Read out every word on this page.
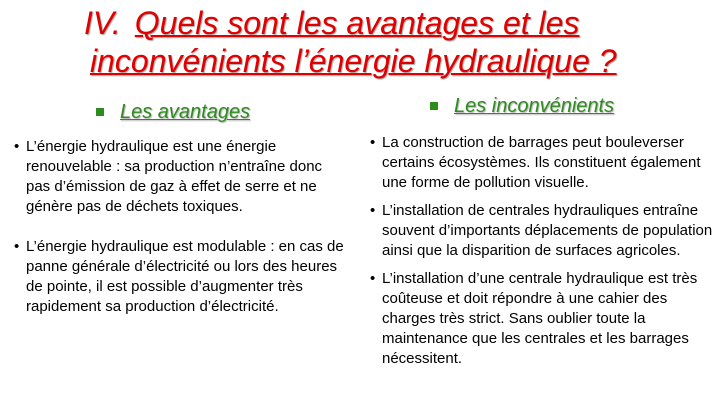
IV. Quels sont les avantages et les
inconvénients l’énergie hydraulique ?
Les avantages	Les inconvénients
• L’énergie hydraulique est une énergie renouvelable : sa production n’entraîne donc pas d’émission de gaz à effet de serre et ne génère pas de déchets toxiques.
• L’énergie hydraulique est modulable : en cas de panne générale d’électricité ou lors des heures de pointe, il est possible d’augmenter très rapidement sa production d’électricité.
• La construction de barrages peut bouleverser certains écosystèmes. Ils constituent également une forme de pollution visuelle.
• L’installation de centrales hydrauliques entraîne souvent d’importants déplacements de population ainsi que la disparition de surfaces agricoles.
• L’installation d’une centrale hydraulique est très coûteuse et doit répondre à une cahier des charges très strict. Sans oublier toute la maintenance que les centrales et les barrages nécessitent.
